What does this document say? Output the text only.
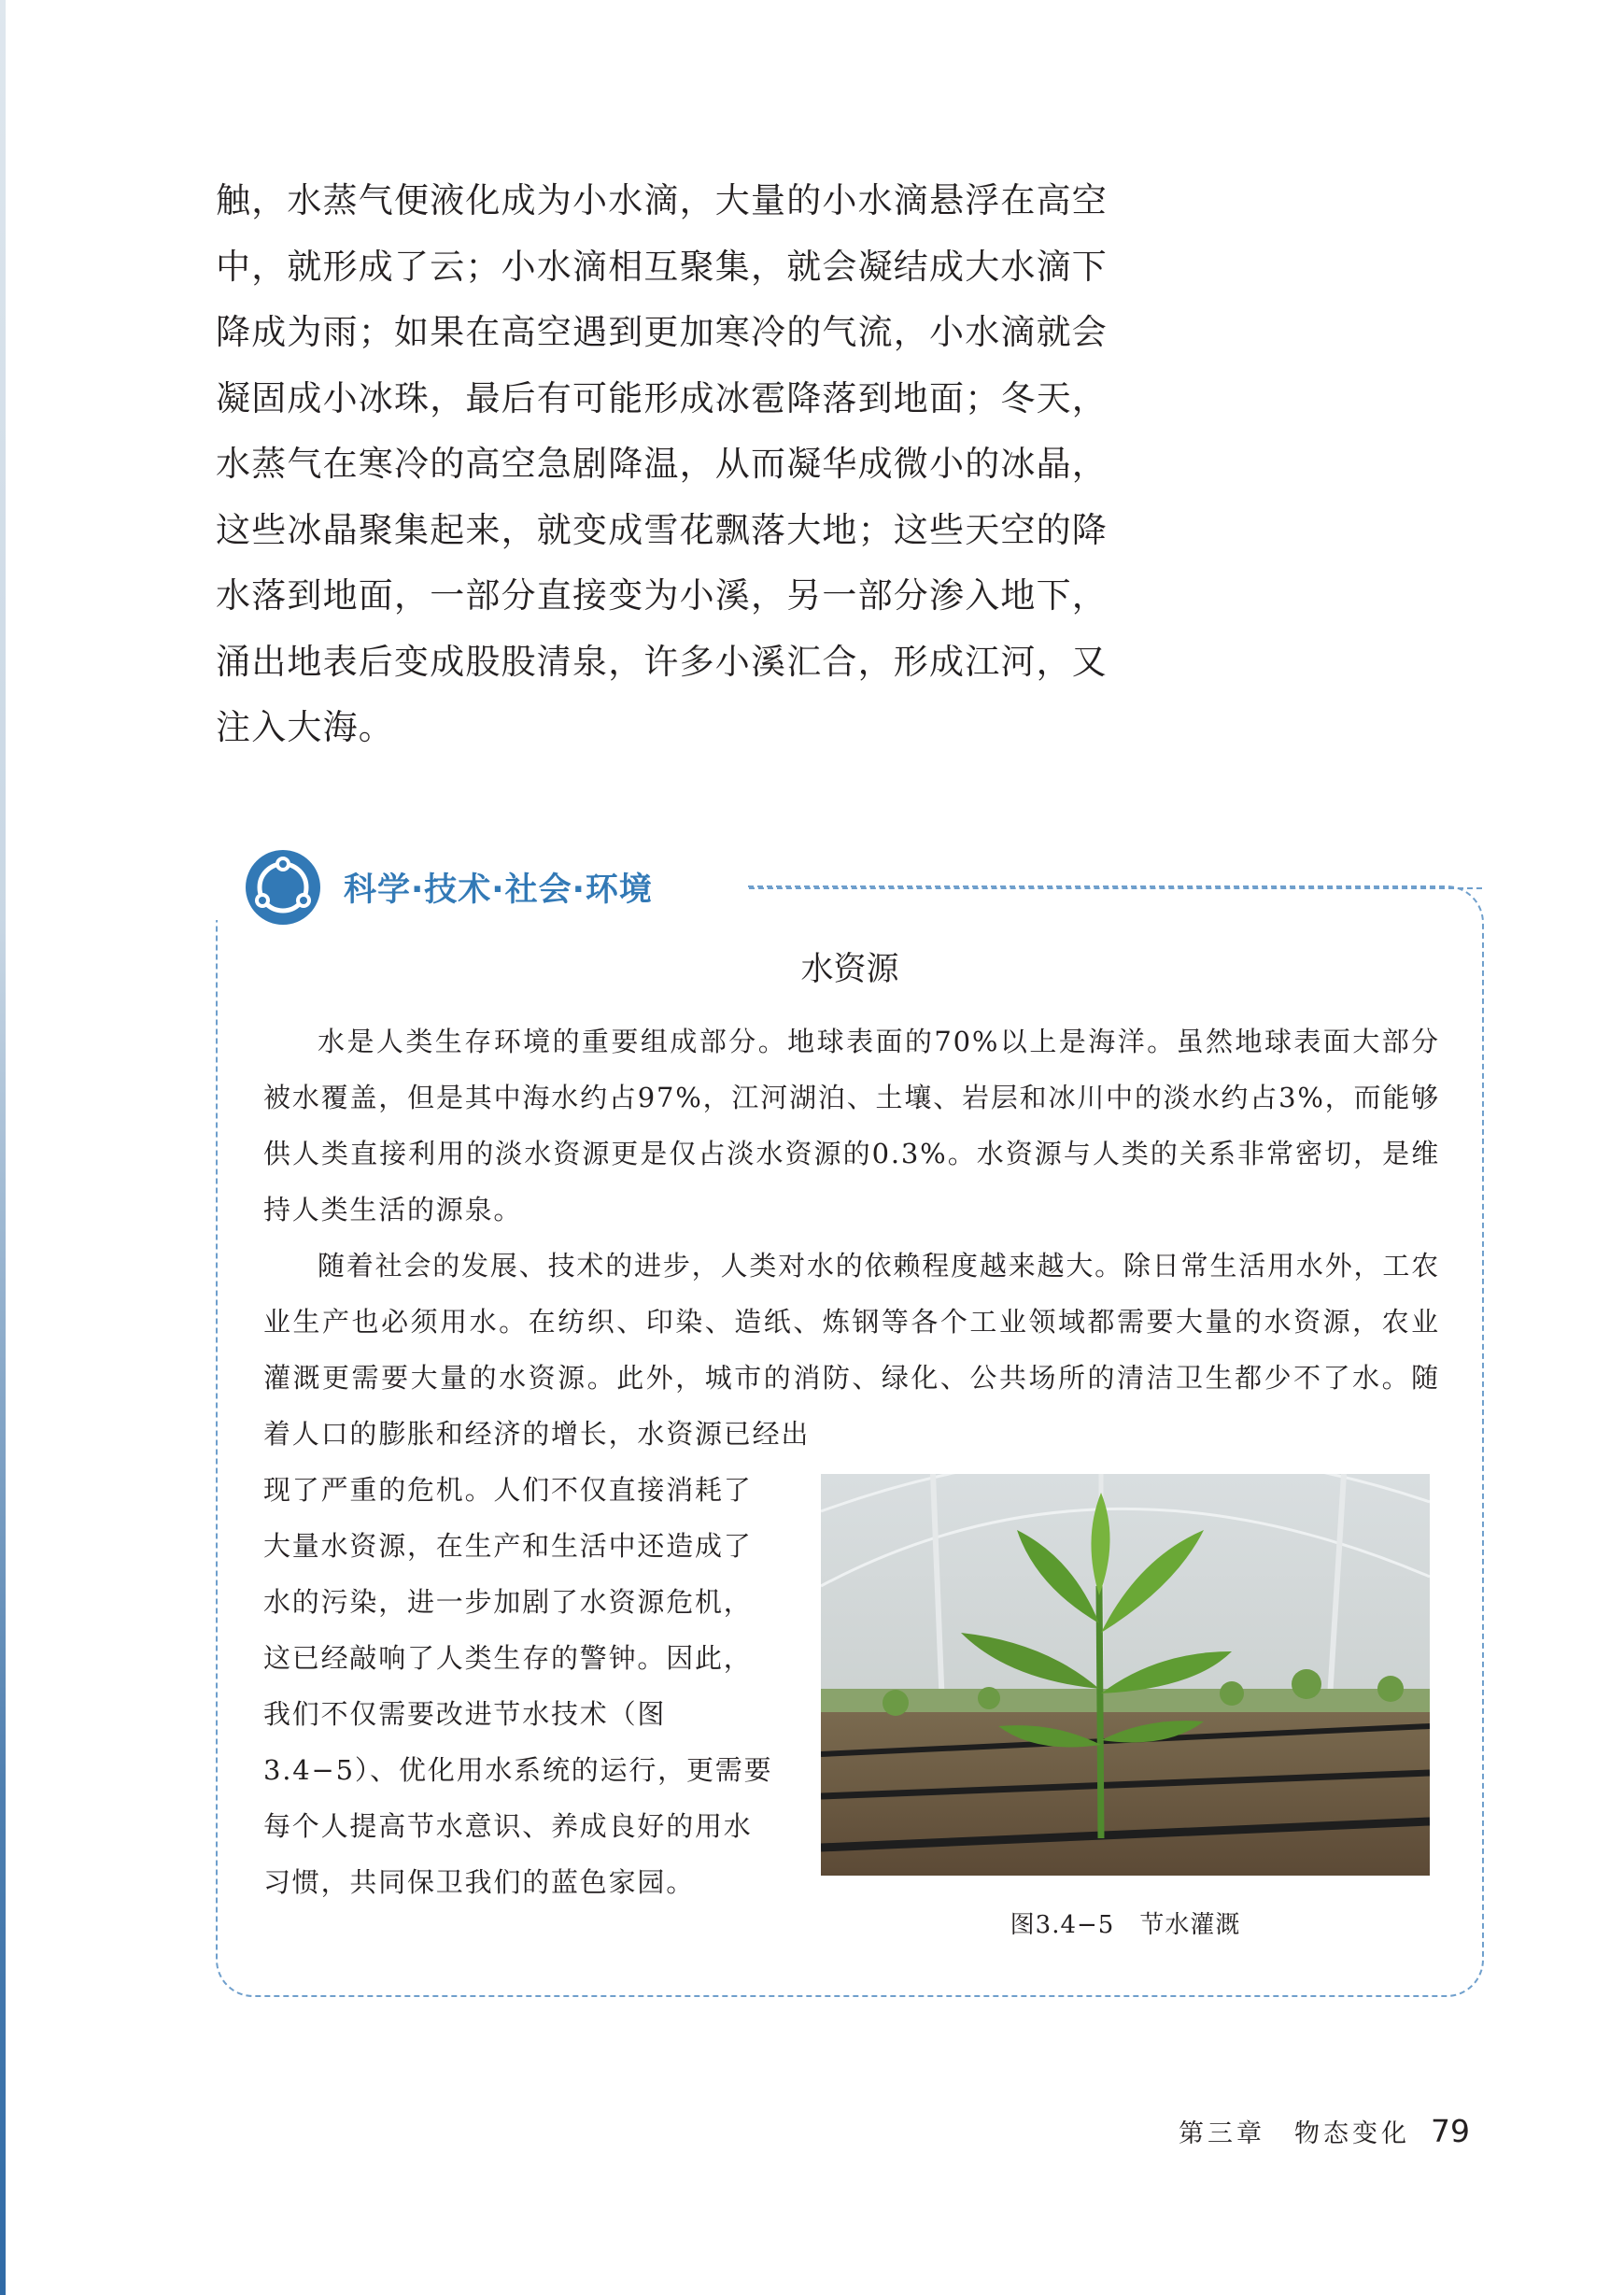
触，水蒸气便液化成为小水滴，大量的小水滴悬浮在高空中，就形成了云；小水滴相互聚集，就会凝结成大水滴下降成为雨；如果在高空遇到更加寒冷的气流，小水滴就会凝固成小冰珠，最后有可能形成冰雹降落到地面；冬天，水蒸气在寒冷的高空急剧降温，从而凝华成微小的冰晶，这些冰晶聚集起来，就变成雪花飘落大地；这些天空的降水落到地面，一部分直接变为小溪，另一部分渗入地下，涌出地表后变成股股清泉，许多小溪汇合，形成江河，又注入大海。

科学·技术·社会·环境
水资源

水是人类生存环境的重要组成部分。地球表面的70%以上是海洋。虽然地球表面大部分被水覆盖，但是其中海水约占97%，江河湖泊、土壤、岩层和冰川中的淡水约占3%，而能够供人类直接利用的淡水资源更是仅占淡水资源的0.3%。水资源与人类的关系非常密切，是维持人类生活的源泉。

随着社会的发展、技术的进步，人类对水的依赖程度越来越大。除日常生活用水外，工农业生产也必须用水。在纺织、印染、造纸、炼钢等各个工业领域都需要大量的水资源，农业灌溉更需要大量的水资源。此外，城市的消防、绿化、公共场所的清洁卫生都少不了水。随着人口的膨胀和经济的增长，水资源已经出

现了严重的危机。人们不仅直接消耗了大量水资源，在生产和生活中还造成了水的污染，进一步加剧了水资源危机，这已经敲响了人类生存的警钟。因此，我们不仅需要改进节水技术（图3.4−5）、优化用水系统的运行，更需要每个人提高节水意识、养成良好的用水习惯，共同保卫我们的蓝色家园。

图3.4−5　节水灌溉
第三章　物态变化 79
